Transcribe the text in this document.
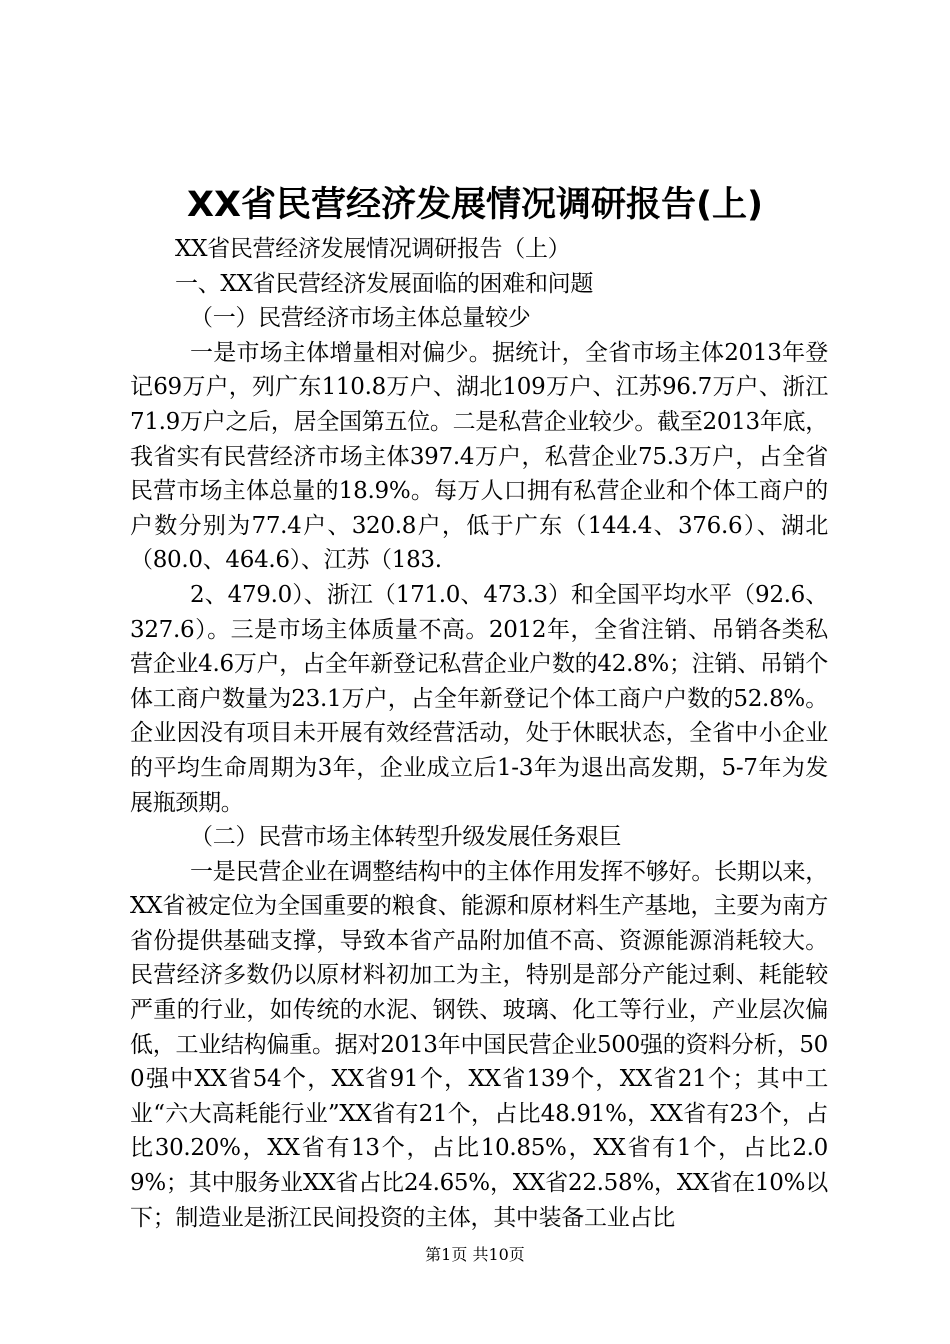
XX省民营经济发展情况调研报告(上)

XX省民营经济发展情况调研报告（上）

一、XX省民营经济发展面临的困难和问题

（一）民营经济市场主体总量较少

一是市场主体增量相对偏少。据统计，全省市场主体2013年登记69万户，列广东110.8万户、湖北109万户、江苏96.7万户、浙江71.9万户之后，居全国第五位。二是私营企业较少。截至2013年底，我省实有民营经济市场主体397.4万户，私营企业75.3万户，占全省民营市场主体总量的18.9%。每万人口拥有私营企业和个体工商户的户数分别为77.4户、320.8户，低于广东（144.4、376.6）、湖北（80.0、464.6）、江苏（183.

2、479.0）、浙江（171.0、473.3）和全国平均水平（92.6、327.6）。三是市场主体质量不高。2012年，全省注销、吊销各类私营企业4.6万户，占全年新登记私营企业户数的42.8%；注销、吊销个体工商户数量为23.1万户，占全年新登记个体工商户户数的52.8%。企业因没有项目未开展有效经营活动，处于休眠状态，全省中小企业的平均生命周期为3年，企业成立后1-3年为退出高发期，5-7年为发展瓶颈期。

（二）民营市场主体转型升级发展任务艰巨

一是民营企业在调整结构中的主体作用发挥不够好。长期以来，XX省被定位为全国重要的粮食、能源和原材料生产基地，主要为南方省份提供基础支撑，导致本省产品附加值不高、资源能源消耗较大。民营经济多数仍以原材料初加工为主，特别是部分产能过剩、耗能较严重的行业，如传统的水泥、钢铁、玻璃、化工等行业，产业层次偏低，工业结构偏重。据对2013年中国民营企业500强的资料分析，500强中XX省54个，XX省91个，XX省139个，XX省21个；其中工业“六大高耗能行业”XX省有21个，占比48.91%，XX省有23个，占比30.20%，XX省有13个，占比10.85%，XX省有1个，占比2.09%；其中服务业XX省占比24.65%，XX省22.58%，XX省在10%以下；制造业是浙江民间投资的主体，其中装备工业占比

第1页 共10页
